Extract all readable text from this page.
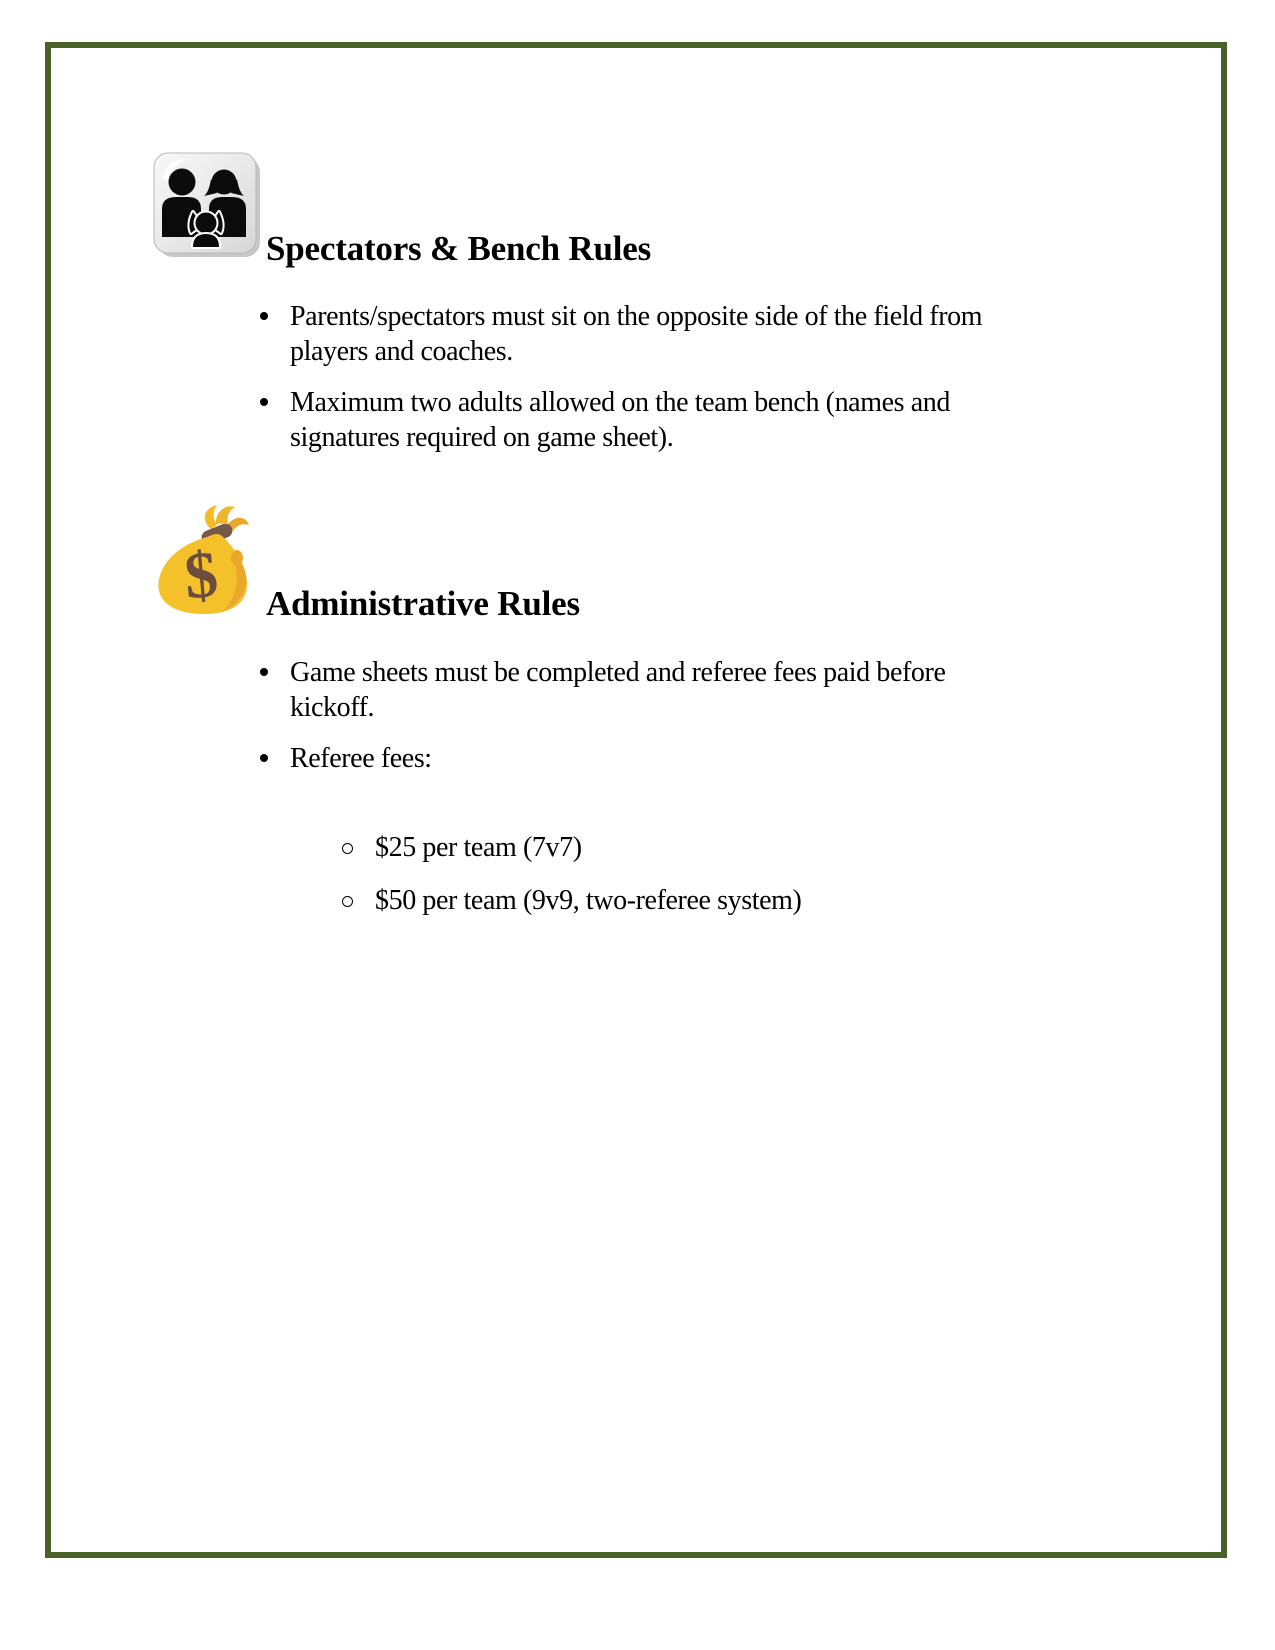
$
Spectators & Bench Rules
Parents/spectators must sit on the opposite side of the field from
players and coaches.
Maximum two adults allowed on the team bench (names and
signatures required on game sheet).
Administrative Rules
Game sheets must be completed and referee fees paid before
kickoff.
Referee fees:
$25 per team (7v7)
$50 per team (9v9, two-referee system)
